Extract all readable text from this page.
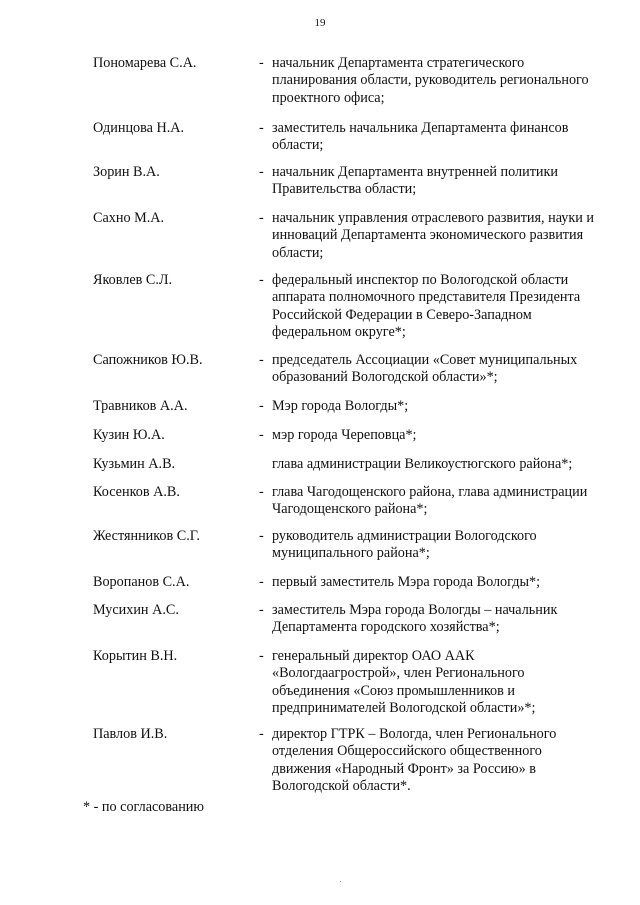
19
Пономарева С.А.	- начальник Департамента стратегического
планирования области, руководитель регионального
проектного офиса;
Одинцова Н.А.	- заместитель начальника Департамента финансов
области;
Зорин В.А.	- начальник Департамента внутренней политики
Правительства области;
Сахно М.А.	- начальник управления отраслевого развития, науки и
инноваций Департамента экономического развития
области;
Яковлев С.Л.	- федеральный инспектор по Вологодской области
аппарата полномочного представителя Президента
Российской Федерации в Северо-Западном
федеральном округе*;
Сапожников Ю.В.	- председатель Ассоциации «Совет муниципальных
образований Вологодской области»*;
Травников А.А.	- Мэр города Вологды*;
Кузин Ю.А.	- мэр города Череповца*;
Кузьмин А.В.	глава администрации Великоустюгского района*;
Косенков А.В.	- глава Чагодощенского района, глава администрации
Чагодощенского района*;
Жестянников С.Г.	- руководитель администрации Вологодского
муниципального района*;
Воропанов С.А.	- первый заместитель Мэра города Вологды*;
Мусихин А.С.	- заместитель Мэра города Вологды – начальник
Департамента городского хозяйства*;
Корытин В.Н.	- генеральный директор ОАО ААК
«Вологдаагрострой», член Регионального
объединения «Союз промышленников и
предпринимателей Вологодской области»*;
Павлов И.В.	- директор ГТРК – Вологда, член Регионального
отделения Общероссийского общественного
движения «Народный Фронт» за Россию» в
Вологодской области*.
* - по согласованию
